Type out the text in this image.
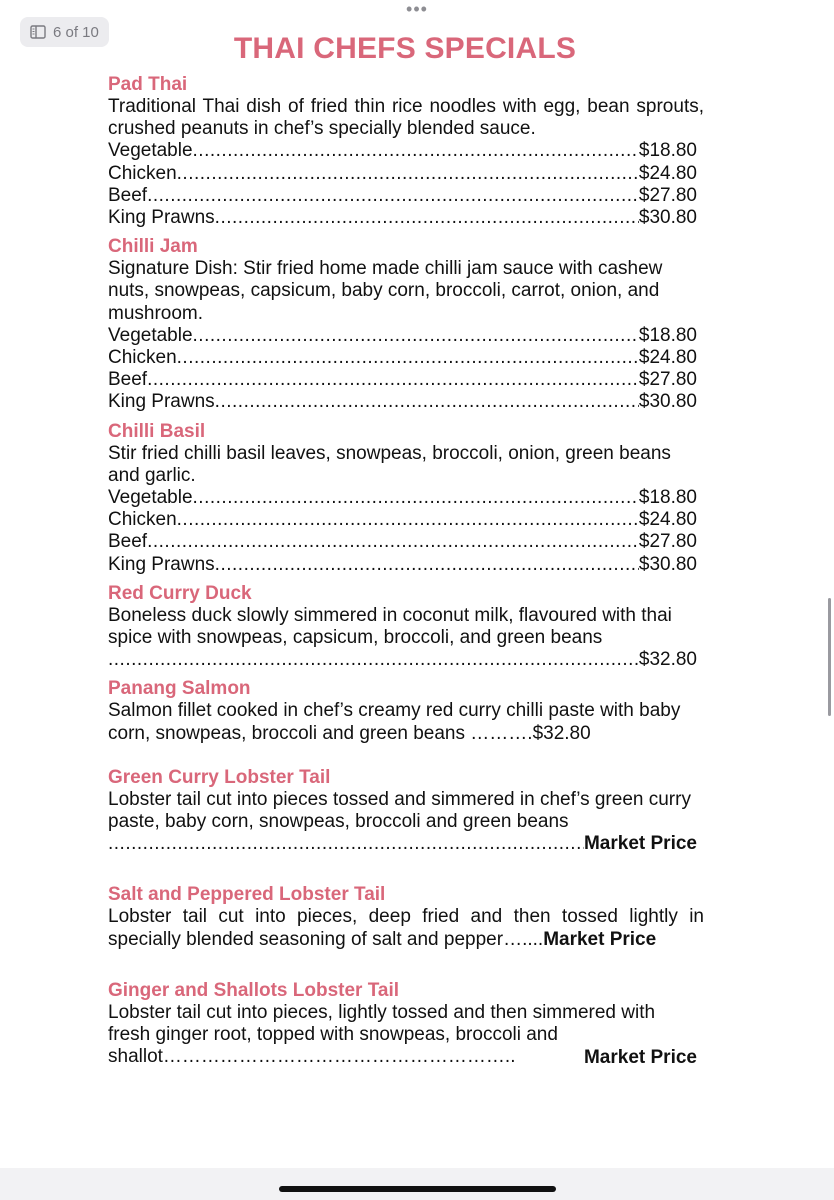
•••
6 of 10	THAI CHEFS SPECIALS
Pad Thai
Traditional Thai dish of fried thin rice noodles with egg, bean sprouts, crushed peanuts in chef’s specially blended sauce.
Vegetable .....	$18.80
Chicken .....	$24.80
Beef .....	$27.80
King Prawns .....	$30.80
Chilli Jam
Signature Dish: Stir fried home made chilli jam sauce with cashew nuts, snowpeas, capsicum, baby corn, broccoli, carrot, onion, and mushroom.
Vegetable .....	$18.80
Chicken .....	$24.80
Beef .....	$27.80
King Prawns .....	$30.80
Chilli Basil
Stir fried chilli basil leaves, snowpeas, broccoli, onion, green beans and garlic.
Vegetable .....	$18.80
Chicken .....	$24.80
Beef .....	$27.80
King Prawns .....	$30.80
Red Curry Duck
Boneless duck slowly simmered in coconut milk, flavoured with thai spice with snowpeas, capsicum, broccoli, and green beans
.....
$32.80
Panang Salmon
Salmon fillet cooked in chef’s creamy red curry chilli paste with baby corn, snowpeas, broccoli and green beans ……….$32.80
Green Curry Lobster Tail
Lobster tail cut into pieces tossed and simmered in chef’s green curry paste, baby corn, snowpeas, broccoli and green beans
.....
Market Price
Salt and Peppered Lobster Tail
Lobster tail cut into pieces, deep fried and then tossed lightly in specially blended seasoning of salt and pepper…....Market Price
Ginger and Shallots Lobster Tail
Lobster tail cut into pieces, lightly tossed and then simmered with fresh ginger root, topped with snowpeas, broccoli and shallot………………………………………………..	Market Price
